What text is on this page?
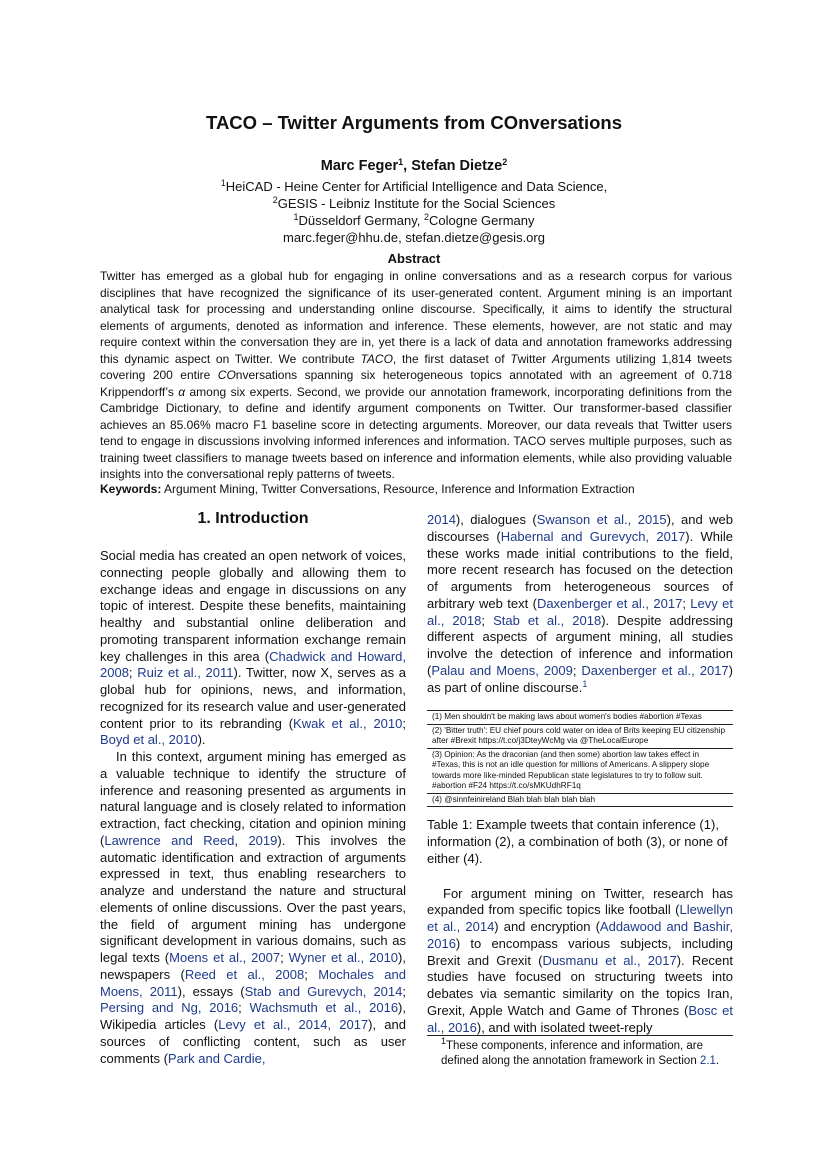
TACO – Twitter Arguments from COnversations
Marc Feger$^1$, Stefan Dietze$^2$
$^1$HeiCAD - Heine Center for Artificial Intelligence and Data Science,
$^2$GESIS - Leibniz Institute for the Social Sciences
$^1$Düsseldorf Germany, $^2$Cologne Germany
marc.feger@hhu.de, stefan.dietze@gesis.org
Abstract
Twitter has emerged as a global hub for engaging in online conversations and as a research corpus for various disciplines that have recognized the significance of its user-generated content. Argument mining is an important analytical task for processing and understanding online discourse. Specifically, it aims to identify the structural elements of arguments, denoted as information and inference. These elements, however, are not static and may require context within the conversation they are in, yet there is a lack of data and annotation frameworks addressing this dynamic aspect on Twitter. We contribute TACO, the first dataset of Twitter Arguments utilizing 1,814 tweets covering 200 entire COnversations spanning six heterogeneous topics annotated with an agreement of 0.718 Krippendorff’s α among six experts. Second, we provide our annotation framework, incorporating definitions from the Cambridge Dictionary, to define and identify argument components on Twitter. Our transformer-based classifier achieves an 85.06% macro F1 baseline score in detecting arguments. Moreover, our data reveals that Twitter users tend to engage in discussions involving informed inferences and information. TACO serves multiple purposes, such as training tweet classifiers to manage tweets based on inference and information elements, while also providing valuable insights into the conversational reply patterns of tweets.
Keywords: Argument Mining, Twitter Conversations, Resource, Inference and Information Extraction
1. Introduction

Social media has created an open network of voices, connecting people globally and allowing them to exchange ideas and engage in discussions on any topic of interest. Despite these benefits, maintaining healthy and substantial online deliberation and promoting transparent information exchange remain key challenges in this area (Chadwick and Howard, 2008; Ruiz et al., 2011). Twitter, now X, serves as a global hub for opinions, news, and information, recognized for its research value and user-generated content prior to its rebranding (Kwak et al., 2010; Boyd et al., 2010).

In this context, argument mining has emerged as a valuable technique to identify the structure of inference and reasoning presented as arguments in natural language and is closely related to information extraction, fact checking, citation and opinion mining (Lawrence and Reed, 2019). This involves the automatic identification and extraction of arguments expressed in text, thus enabling researchers to analyze and understand the nature and structural elements of online discussions. Over the past years, the field of argument mining has undergone significant development in various domains, such as legal texts (Moens et al., 2007; Wyner et al., 2010), newspapers (Reed et al., 2008; Mochales and Moens, 2011), essays (Stab and Gurevych, 2014; Persing and Ng, 2016; Wachsmuth et al., 2016), Wikipedia articles (Levy et al., 2014, 2017), and sources of conflicting content, such as user comments (Park and Cardie,

2014), dialogues (Swanson et al., 2015), and web discourses (Habernal and Gurevych, 2017). While these works made initial contributions to the field, more recent research has focused on the detection of arguments from heterogeneous sources of arbitrary web text (Daxenberger et al., 2017; Levy et al., 2018; Stab et al., 2018). Despite addressing different aspects of argument mining, all studies involve the detection of inference and information (Palau and Moens, 2009; Daxenberger et al., 2017) as part of online discourse.$^1$

(1) Men shouldn't be making laws about women's bodies #abortion #Texas
(2) 'Bitter truth': EU chief pours cold water on idea of Brits keeping EU citizenship after #Brexit https://t.co/j3DteyWcMg via @TheLocalEurope
(3) Opinion: As the draconian (and then some) abortion law takes effect in #Texas, this is not an idle question for millions of Americans. A slippery slope towards more like-minded Republican state legislatures to try to follow suit. #abortion #F24 https://t.co/sMKUdhRF1q
(4) @sinnfeinireland Blah blah blah blah blah

Table 1: Example tweets that contain inference (1), information (2), a combination of both (3), or none of either (4).

For argument mining on Twitter, research has expanded from specific topics like football (Llewellyn et al., 2014) and encryption (Addawood and Bashir, 2016) to encompass various subjects, including Brexit and Grexit (Dusmanu et al., 2017). Recent studies have focused on structuring tweets into debates via semantic similarity on the topics Iran, Grexit, Apple Watch and Game of Thrones (Bosc et al., 2016), and with isolated tweet-reply

$^1$These components, inference and information, are defined along the annotation framework in Section 2.1.
